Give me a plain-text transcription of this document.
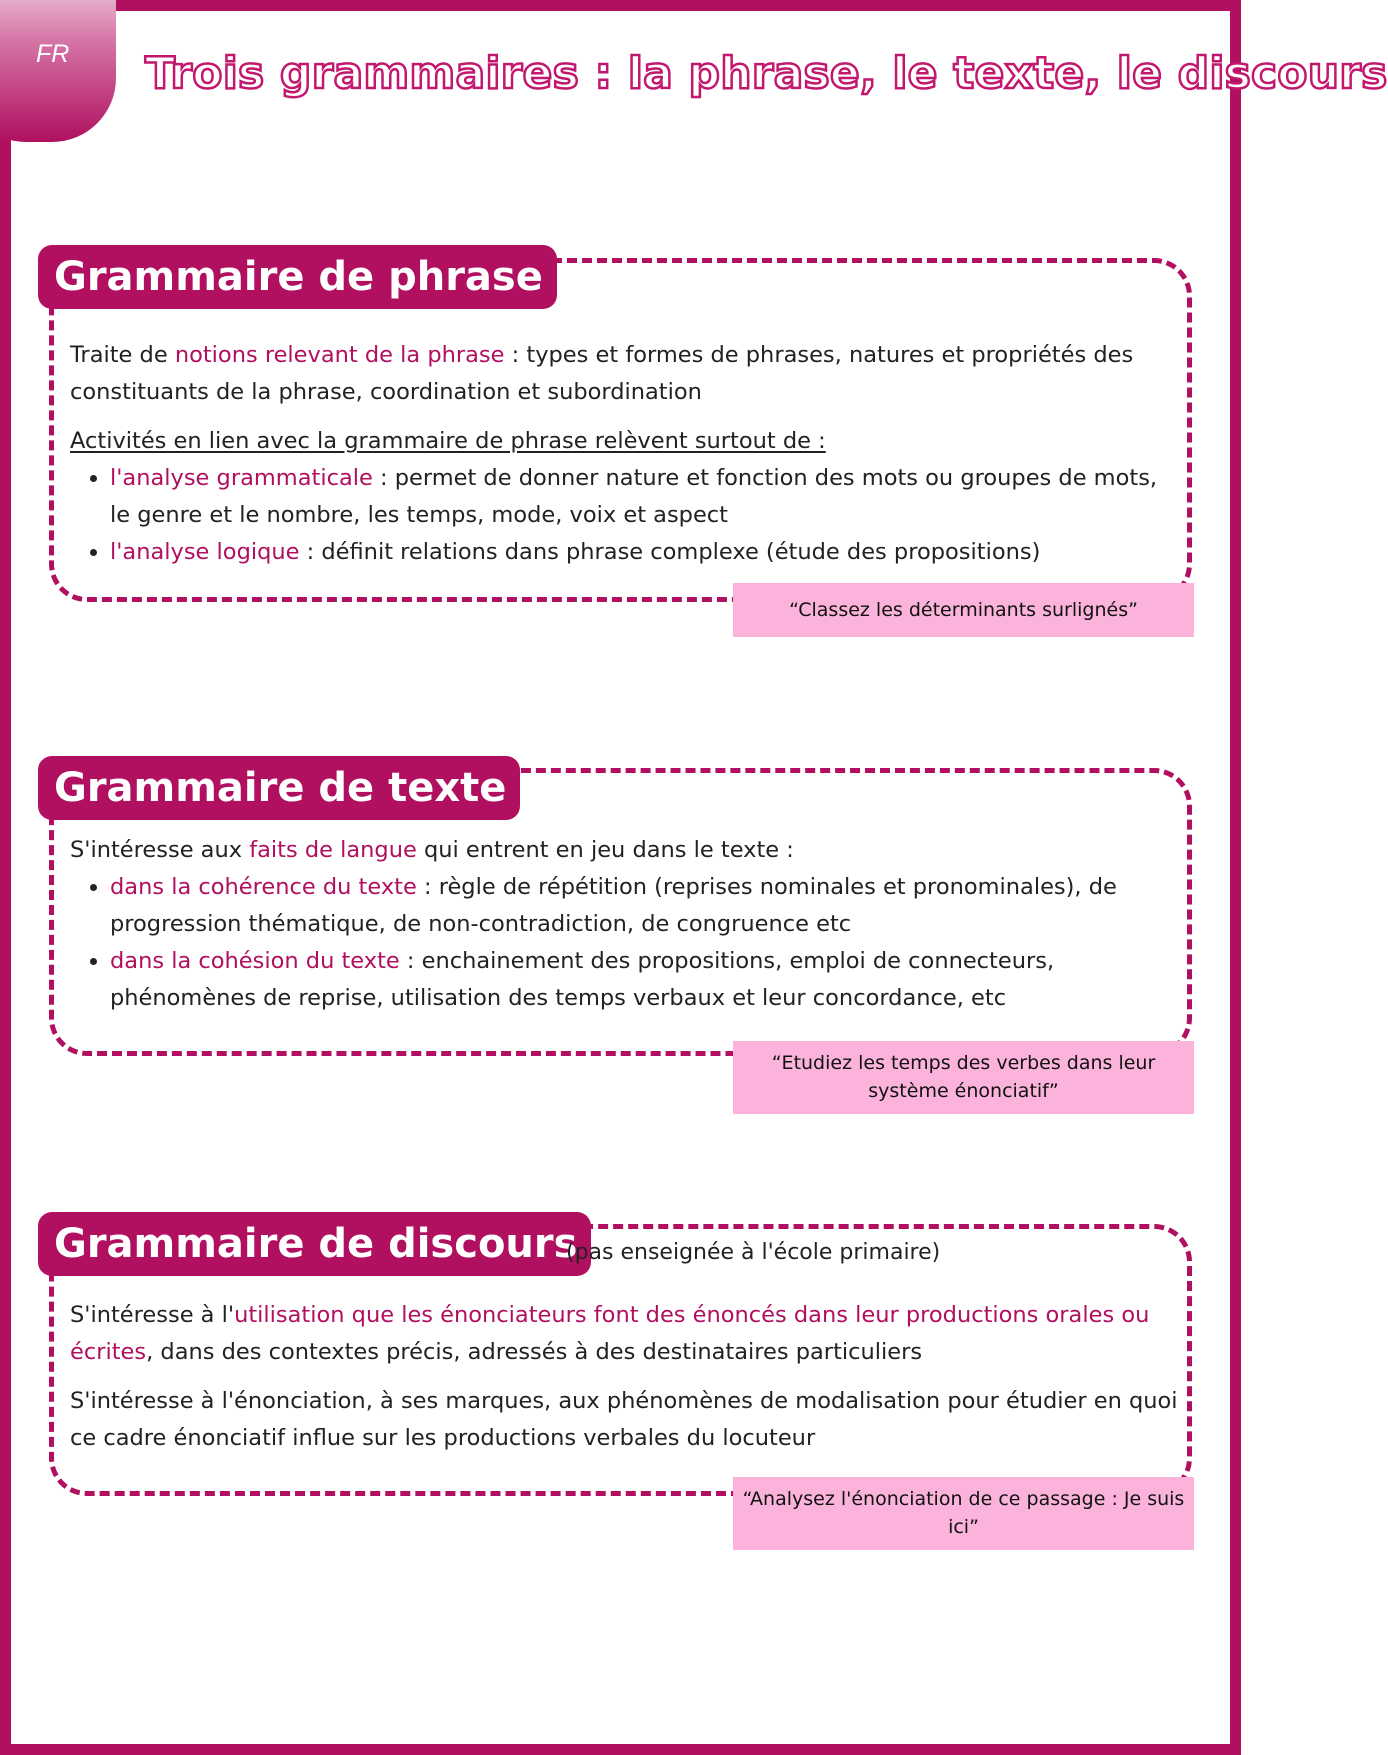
FR Trois grammaires : la phrase, le texte, le discours
Grammaire de phrase

Traite de notions relevant de la phrase : types et formes de phrases, natures et propriétés des constituants de la phrase, coordination et subordination

Activités en lien avec la grammaire de phrase relèvent surtout de :

• l'analyse grammaticale : permet de donner nature et fonction des mots ou groupes de mots, le genre et le nombre, les temps, mode, voix et aspect
• l'analyse logique : définit relations dans phrase complexe (étude des propositions)
“Classez les déterminants surlignés”
Grammaire de texte

S'intéresse aux faits de langue qui entrent en jeu dans le texte :

• dans la cohérence du texte : règle de répétition (reprises nominales et pronominales), de progression thématique, de non-contradiction, de congruence etc
• dans la cohésion du texte : enchainement des propositions, emploi de connecteurs, phénomènes de reprise, utilisation des temps verbaux et leur concordance, etc
“Etudiez les temps des verbes dans leur système énonciatif”
Grammaire de discours
(pas enseignée à l'école primaire)

S'intéresse à l'utilisation que les énonciateurs font des énoncés dans leur productions orales ou écrites, dans des contextes précis, adressés à des destinataires particuliers

S'intéresse à l'énonciation, à ses marques, aux phénomènes de modalisation pour étudier en quoi ce cadre énonciatif influe sur les productions verbales du locuteur

“Analysez l'énonciation de ce passage : Je suis ici”
